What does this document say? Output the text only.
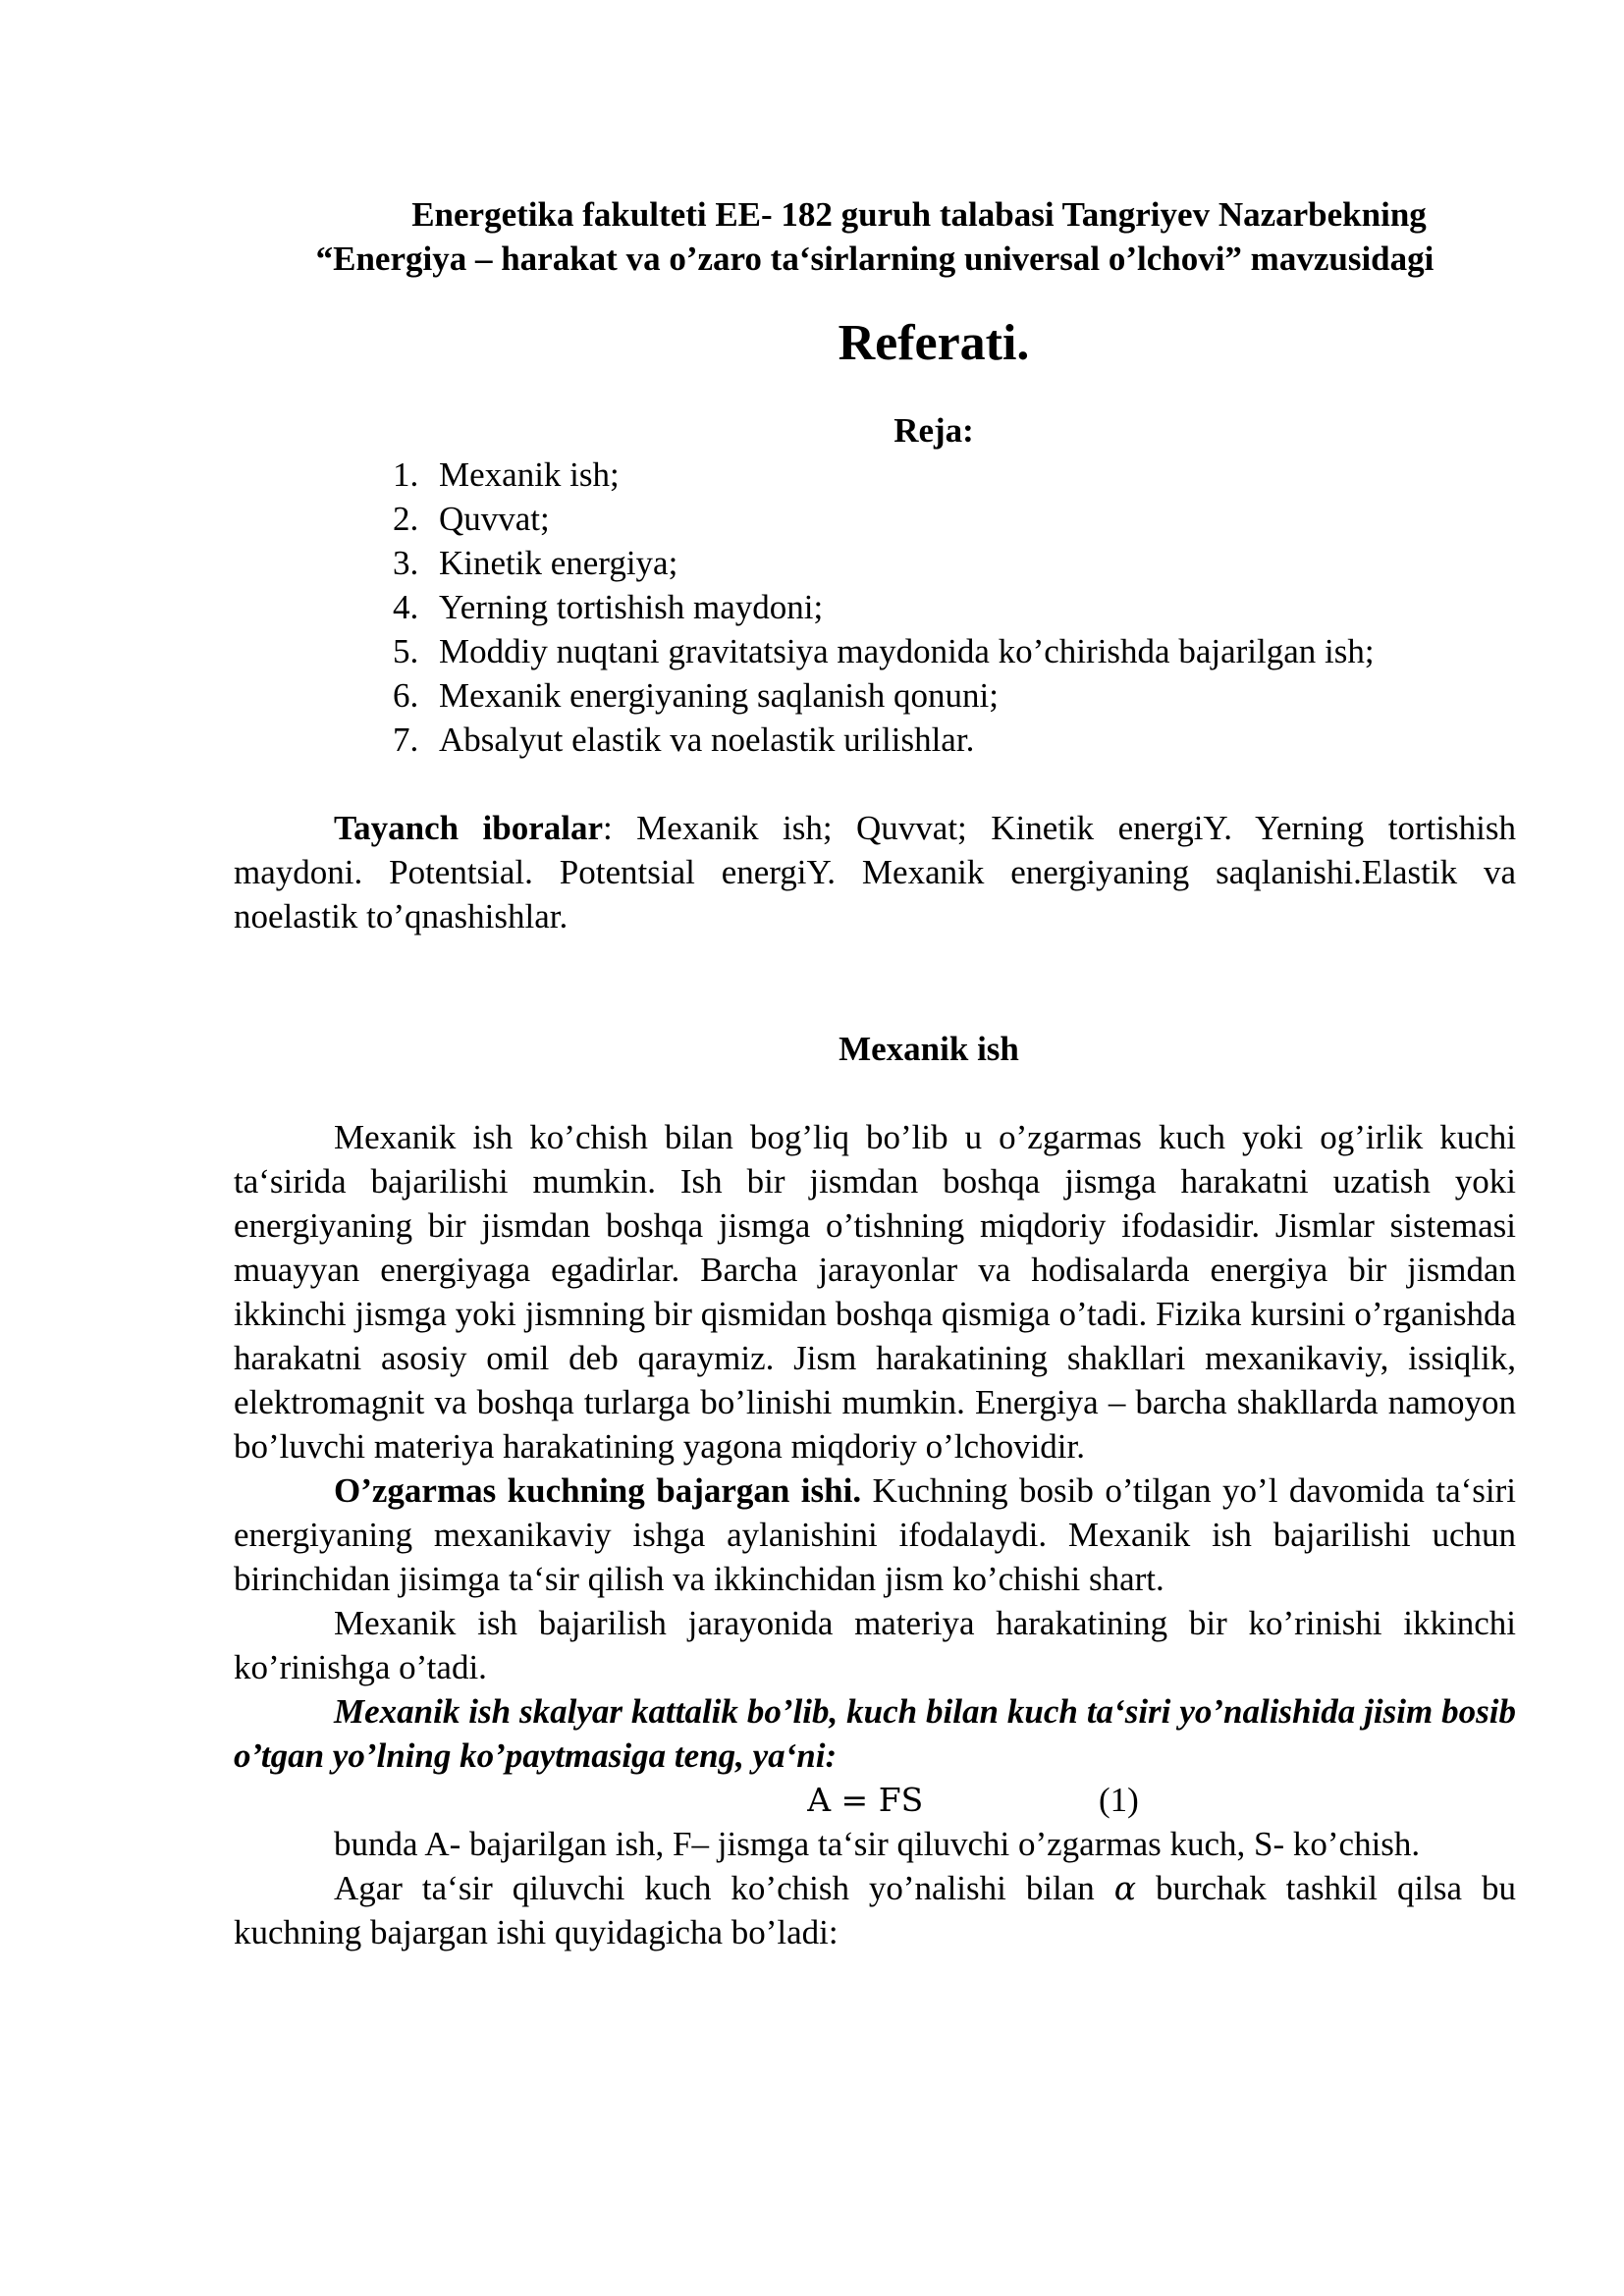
Energetika fakulteti EE- 182 guruh talabasi Tangriyev Nazarbekning

“Energiya – harakat va o’zaro ta‘sirlarning universal o’lchovi” mavzusidagi

Referati.
Reja:
1. Mexanik ish;
2. Quvvat;
3. Kinetik energiya;
4. Yerning tortishish maydoni;
5. Moddiy nuqtani gravitatsiya maydonida ko’chirishda bajarilgan ish;
6. Mexanik energiyaning saqlanish qonuni;
7. Absalyut elastik va noelastik urilishlar.

Tayanch iboralar: Mexanik ish; Quvvat; Kinetik energiY. Yerning tortishish maydoni. Potentsial. Potentsial energiY. Mexanik energiyaning saqlanishi.Elastik va noelastik to’qnashishlar.

Mexanik ish

Mexanik ish ko’chish bilan bog’liq bo’lib u o’zgarmas kuch yoki og’irlik kuchi ta‘sirida bajarilishi mumkin. Ish bir jismdan boshqa jismga harakatni uzatish yoki energiyaning bir jismdan boshqa jismga o’tishning miqdoriy ifodasidir. Jismlar sistemasi muayyan energiyaga egadirlar. Barcha jarayonlar va hodisalarda energiya bir jismdan ikkinchi jismga yoki jismning bir qismidan boshqa qismiga o’tadi. Fizika kursini o’rganishda harakatni asosiy omil deb qaraymiz. Jism harakatining shakllari mexanikaviy, issiqlik, elektromagnit va boshqa turlarga bo’linishi mumkin. Energiya – barcha shakllarda namoyon bo’luvchi materiya harakatining yagona miqdoriy o’lchovidir.

O’zgarmas kuchning bajargan ishi. Kuchning bosib o’tilgan yo’l davomida ta‘siri energiyaning mexanikaviy ishga aylanishini ifodalaydi. Mexanik ish bajarilishi uchun birinchidan jisimga ta‘sir qilish va ikkinchidan jism ko’chishi shart.

Mexanik ish bajarilish jarayonida materiya harakatining bir ko’rinishi ikkinchi ko’rinishga o’tadi.

Mexanik ish skalyar kattalik bo’lib, kuch bilan kuch ta‘siri yo’nalishida jisim bosib o’tgan yo’lning ko’paytmasiga teng, ya‘ni:

A = FS	(1)

bunda A- bajarilgan ish, F– jismga ta‘sir qiluvchi o’zgarmas kuch, S- ko’chish.

Agar ta‘sir qiluvchi kuch ko’chish yo’nalishi bilan α burchak tashkil qilsa bu kuchning bajargan ishi quyidagicha bo’ladi:
